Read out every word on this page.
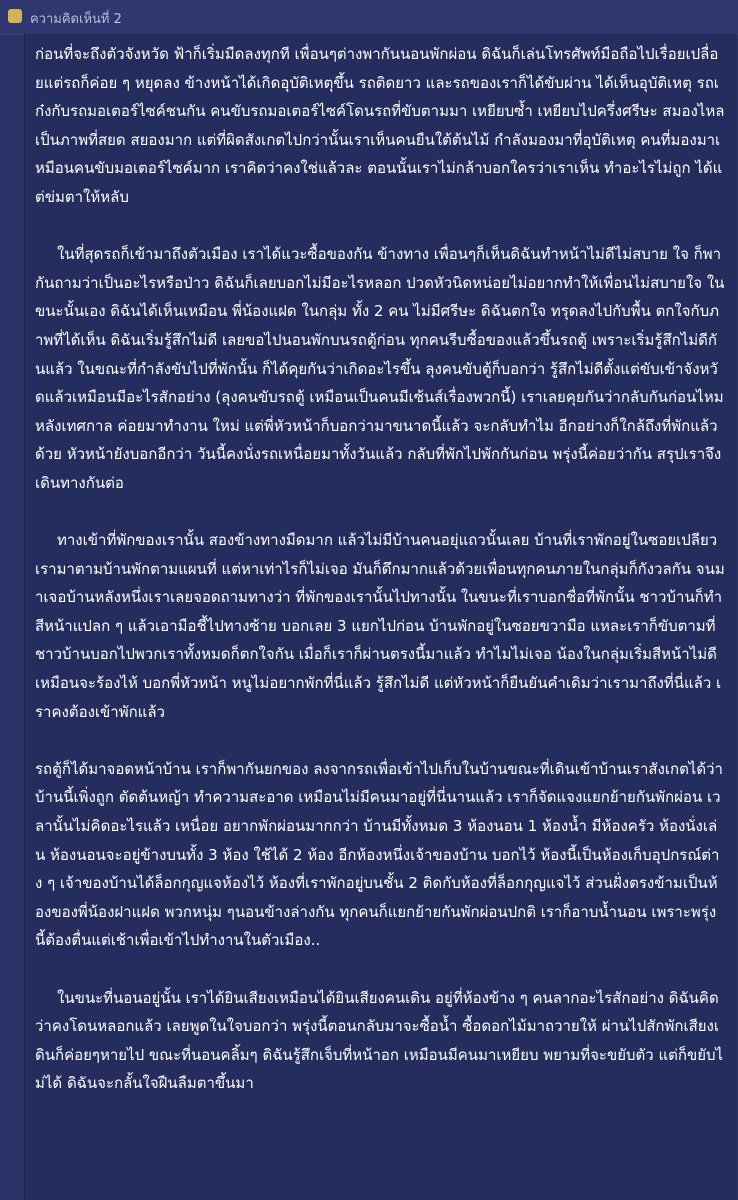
ความคิดเห็นที่ 2

ก่อนที่จะถึงตัวจังหวัด ฟ้าก็เริ่มมืดลงทุกที เพื่อนๆต่างพากันนอนพักผ่อน ดิฉันก็เล่นโทรศัพท์มือถือไปเรื่อยเปลื่อยแต่รถก็ค่อย ๆ หยุดลง ข้างหน้าได้เกิดอุบัติเหตุขึ้น รถติดยาว และรถของเราก็ได้ขับผ่าน ได้เห็นอุบัติเหตุ รถเก๋งกับรถมอเตอร์ไซค์ชนกัน คนขับรถมอเตอร์ไซค์โดนรถที่ขับตามมา เหยียบซ้ำ เหยียบไปครึ่งศรีษะ สมองไหล เป็นภาพที่สยด สยองมาก แต่ที่ผิดสังเกตไปกว่านั้นเราเห็นคนยืนใต้ต้นไม้ กำลังมองมาที่อุบัติเหตุ คนที่มองมาเหมือนคนขับมอเตอร์ไซค์มาก เราคิดว่าคงใช่แล้วละ ตอนนั้นเราไม่กล้าบอกใครว่าเราเห็น ทำอะไรไม่ถูก ได้แต่ข่มตาให้หลับ

ในที่สุดรถก็เข้ามาถึงตัวเมือง เราได้แวะซื้อของกัน ข้างทาง เพื่อนๆก็เห็นดิฉันทำหน้าไม่ดีไม่สบาย ใจ ก็พากันถามว่าเป็นอะไรหรือป่าว ดิฉันก็เลยบอกไม่มีอะไรหลอก ปวดหัวนิดหน่อยไม่อยากทำให้เพื่อนไม่สบายใจ ในขนะนั้นเอง ดิฉันได้เห็นเหมือน พี่น้องแฝด ในกลุ่ม ทั้ง 2 คน ไม่มีศรีษะ ดิฉันตกใจ ทรุดลงไปกับพื้น ตกใจกับภาพที่ได้เห็น ดิฉันเริ่มรู้สึกไม่ดี เลยขอไปนอนพักบนรถตู้ก่อน ทุกคนรีบซื้อของแล้วขึ้นรถตู้ เพราะเริ่มรู้สึกไม่ดีกันแล้ว ในขณะที่กำลังขับไปที่พักนั้น ก็ได้คุยกันว่าเกิดอะไรขึ้น ลุงคนขับตู้ก็บอกว่า รู้สึกไม่ดีตั้งแต่ขับเข้าจังหวัดแล้วเหมือนมีอะไรสักอย่าง (ลุงคนขับรถตู้ เหมือนเป็นคนมีเซ้นส์เรื่องพวกนี้) เราเลยคุยกันว่ากลับกันก่อนไหม หลังเทศกาล ค่อยมาทำงาน ใหม่ แต่พี่หัวหน้าก็บอกว่ามาขนาดนี้แล้ว จะกลับทำไม อีกอย่างก็ใกล้ถึงที่พักแล้วด้วย หัวหน้ายังบอกอีกว่า วันนี้คงนั่งรถเหนื่อยมาทั้งวันแล้ว กลับที่พักไปพักกันก่อน พรุ่งนี้ค่อยว่ากัน สรุปเราจึงเดินทางกันต่อ

ทางเข้าที่พักของเรานั้น สองข้างทางมืดมาก แล้วไม่มีบ้านคนอยุ่แถวนั้นเลย บ้านที่เราพักอยู่ในซอยเปลียว เรามาตามบ้านพักตามแผนที่ แต่หาเท่าไรก็ไม่เจอ มันก็ดึกมากแล้วด้วยเพื่อนทุกคนภายในกลุ่มก็กังวลกัน จนมาเจอบ้านหลังหนึ่งเราเลยจอดถามทางว่า ที่พักของเรานั้นไปทางนั้น ในขนะที่เราบอกชื่อที่พักนั้น ชาวบ้านก็ทำสีหน้าแปลก ๆ แล้วเอามือชี้ไปทางซ้าย บอกเลย 3 แยกไปก่อน บ้านพักอยู่ในซอยขวามือ แหละเราก็ขับตามที่ชาวบ้านบอกไปพวกเราทั้งหมดก็ตกใจกัน เมื่อก็เราก็ผ่านตรงนี้มาแล้ว ทำไมไม่เจอ น้องในกลุ่มเริ่มสีหน้าไม่ดี เหมือนจะร้องไห้ บอกพี่หัวหน้า หนูไม่อยากพักที่นี่แล้ว รู้สึกไม่ดี แต่หัวหน้าก็ยืนยันคำเดิมว่าเรามาถึงที่นี่แล้ว เราคงต้องเข้าพักแล้ว

รถตู้ก็ได้มาจอดหน้าบ้าน เราก็พากันยกของ ลงจากรถเพื่อเข้าไปเก็บในบ้านขณะที่เดินเข้าบ้านเราสังเกตได้ว่า บ้านนี้เพิ่งถูก ตัดต้นหญ้า ทำความสะอาด เหมือนไม่มีคนมาอยู่ที่นี่นานแล้ว เราก็จัดแจงแยกย้ายกันพักผ่อน เวลานั้นไม่คิดอะไรแล้ว เหนื่อย อยากพักผ่อนมากกว่า บ้านมีทั้งหมด 3 ห้องนอน 1 ห้องน้ำ มีห้องครัว ห้องนั่งเล่น ห้องนอนจะอยู่ข้างบนทั้ง 3 ห้อง ใช้ได้ 2 ห้อง อีกห้องหนึ่งเจ้าของบ้าน บอกไว้ ห้องนี้เป็นห้องเก็บอุปกรณ์ต่าง ๆ เจ้าของบ้านได้ล็อกกุญแจห้องไว้ ห้องที่เราพักอยู่บนชั้น 2 ติดกับห้องที่ล็อกกุญแจไว้ ส่วนฝั่งตรงข้ามเป็นห้องของพี่น้องฝาแฝด พวกหนุ่ม ๆนอนข้างล่างกัน ทุกคนก็แยกย้ายกันพักผ่อนปกติ เราก็อาบน้ำนอน เพราะพรุ่งนี้ต้องตื่นแต่เช้าเพื่อเข้าไปทำงานในตัวเมือง..

ในขนะที่นอนอยู่นั้น เราได้ยินเสียงเหมือนได้ยินเสียงคนเดิน อยู่ที่ห้องข้าง ๆ คนลากอะไรสักอย่าง ดิฉันคิดว่าคงโดนหลอกแล้ว เลยพูดในใจบอกว่า พรุ่งนี้ตอนกลับมาจะซื้อน้ำ ซื้อดอกไม้มาถวายให้ ผ่านไปสักพักเสียงเดินก็ค่อยๆหายไป ขณะที่นอนคลิ้มๆ ดิฉันรู้สึกเจ็บที่หน้าอก เหมือนมีคนมาเหยียบ พยามที่จะขยับตัว แต่ก็ขยับไม่ได้ ดิฉันจะกลั้นใจฝืนลืมตาขึ้นมา
